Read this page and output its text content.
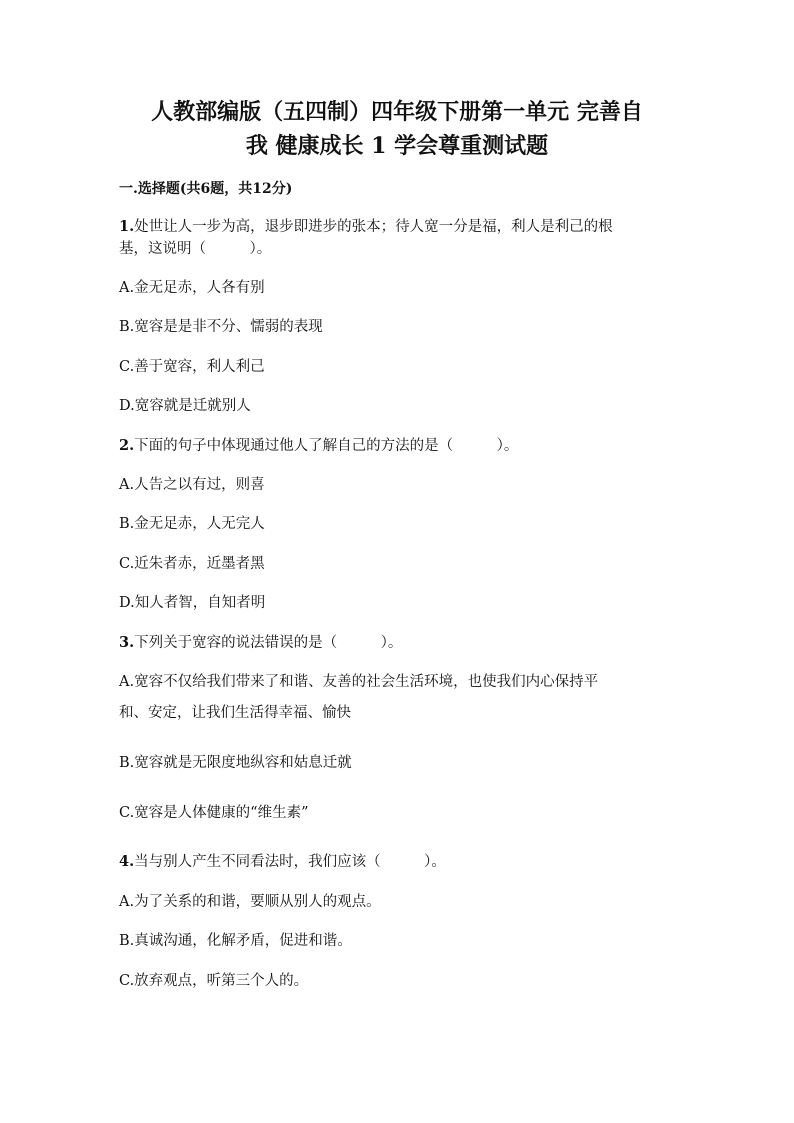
人教部编版（五四制）四年级下册第一单元 完善自
我 健康成长 1 学会尊重测试题

一.选择题(共6题，共12分)

1.处世让人一步为高，退步即进步的张本；待人宽一分是福，利人是利己的根

基，这说明（　　　）。

A.金无足赤，人各有别

B.宽容是是非不分、懦弱的表现

C.善于宽容，利人利己

D.宽容就是迁就别人

2.下面的句子中体现通过他人了解自己的方法的是（　　　）。

A.人告之以有过，则喜

B.金无足赤，人无完人

C.近朱者赤，近墨者黑

D.知人者智，自知者明

3.下列关于宽容的说法错误的是（　　　）。

A.宽容不仅给我们带来了和谐、友善的社会生活环境，也使我们内心保持平

和、安定，让我们生活得幸福、愉快

B.宽容就是无限度地纵容和姑息迁就

C.宽容是人体健康的“维生素”

4.当与别人产生不同看法时，我们应该（　　　）。

A.为了关系的和谐，要顺从别人的观点。

B.真诚沟通，化解矛盾，促进和谐。

C.放弃观点，听第三个人的。
